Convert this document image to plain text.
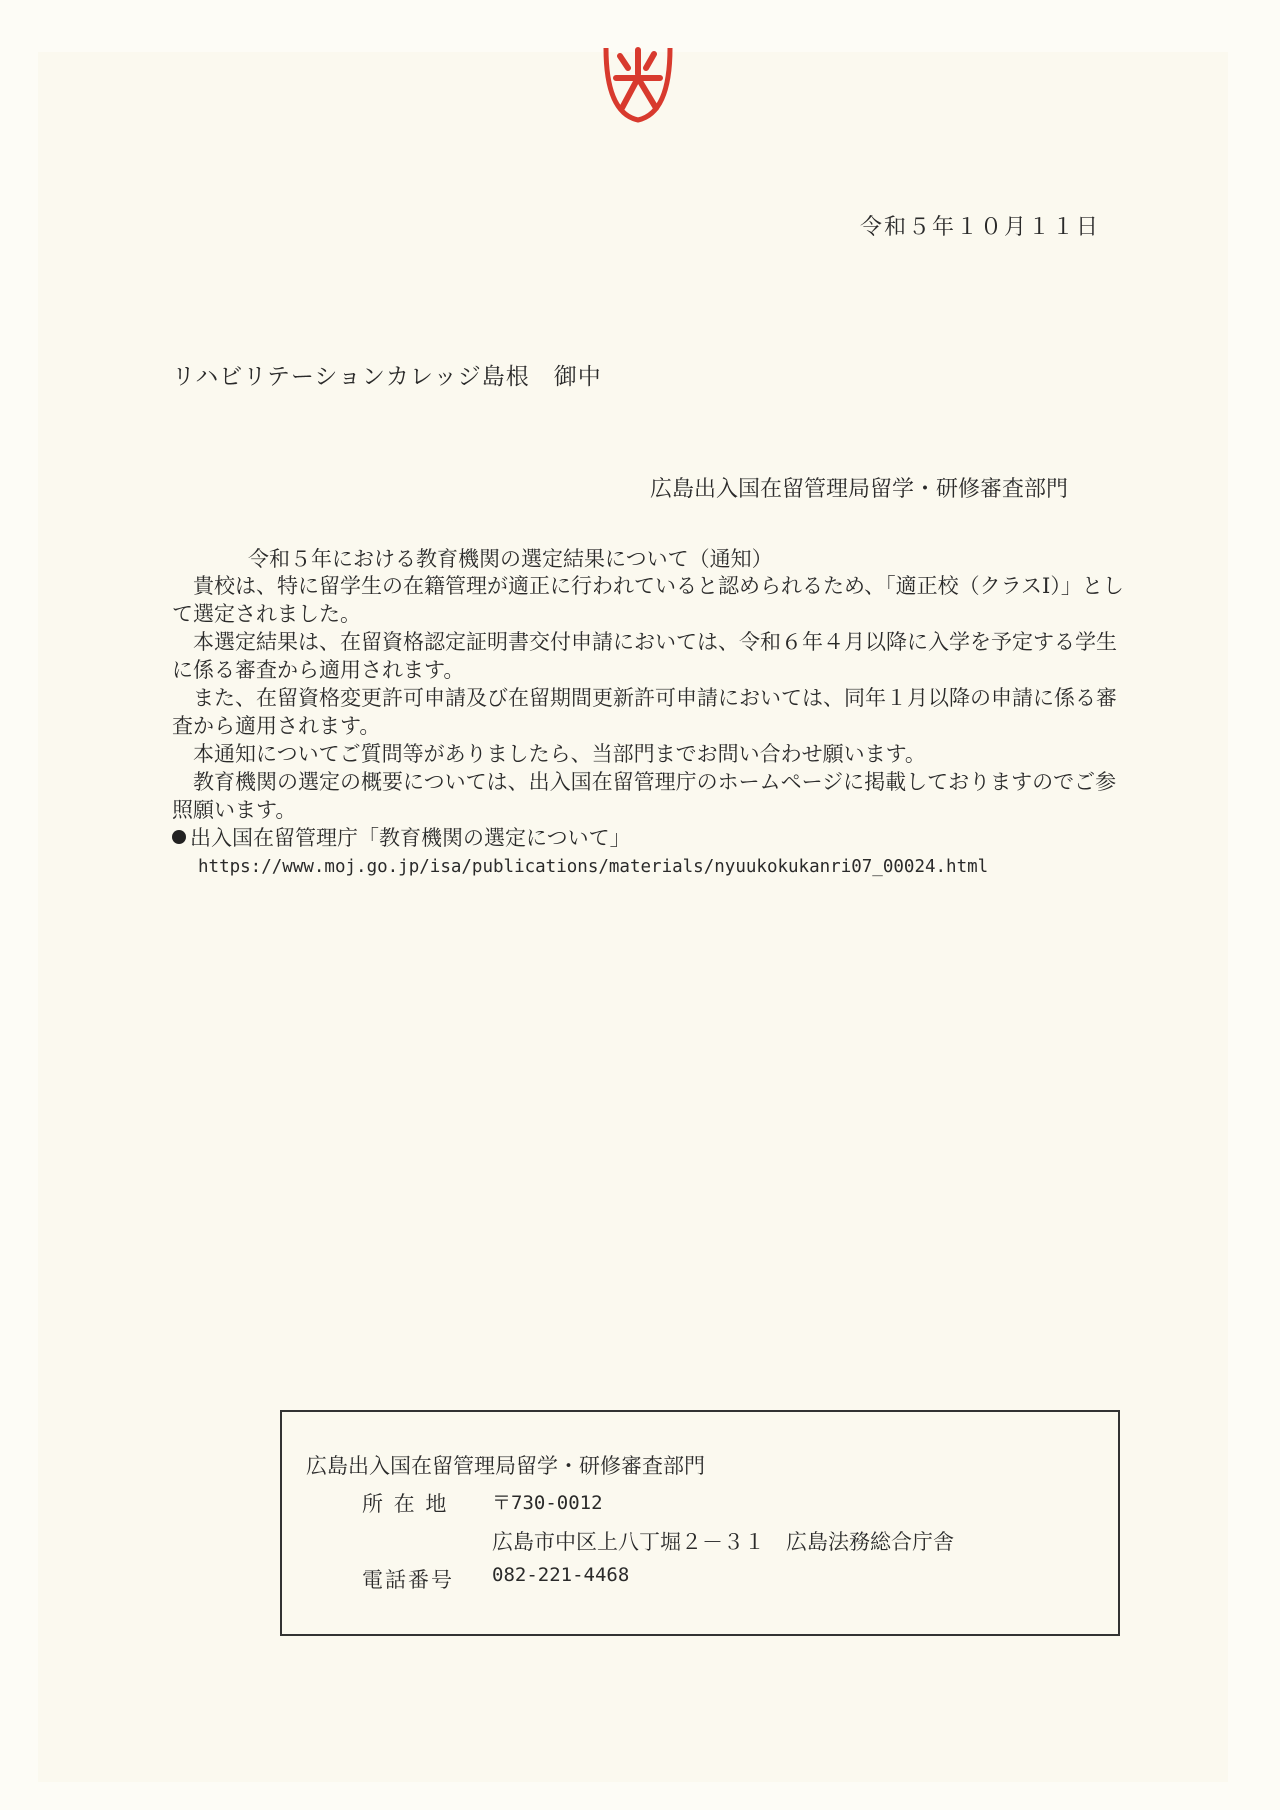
令和５年１０月１１日
リハビリテーションカレッジ島根　御中
広島出入国在留管理局留学・研修審査部門
令和５年における教育機関の選定結果について（通知）

貴校は、特に留学生の在籍管理が適正に行われていると認められるため、「適正校（クラスⅠ）」として選定されました。

本選定結果は、在留資格認定証明書交付申請においては、令和６年４月以降に入学を予定する学生に係る審査から適用されます。

また、在留資格変更許可申請及び在留期間更新許可申請においては、同年１月以降の申請に係る審査から適用されます。

本通知についてご質問等がありましたら、当部門までお問い合わせ願います。

教育機関の選定の概要については、出入国在留管理庁のホームページに掲載しておりますのでご参照願います。

出入国在留管理庁「教育機関の選定について」
https://www.moj.go.jp/isa/publications/materials/nyuukokukanri07_00024.html
広島出入国在留管理局留学・研修審査部門
所 在 地	〒730-0012
広島市中区上八丁堀２－３１　広島法務総合庁舎
電話番号	082-221-4468
